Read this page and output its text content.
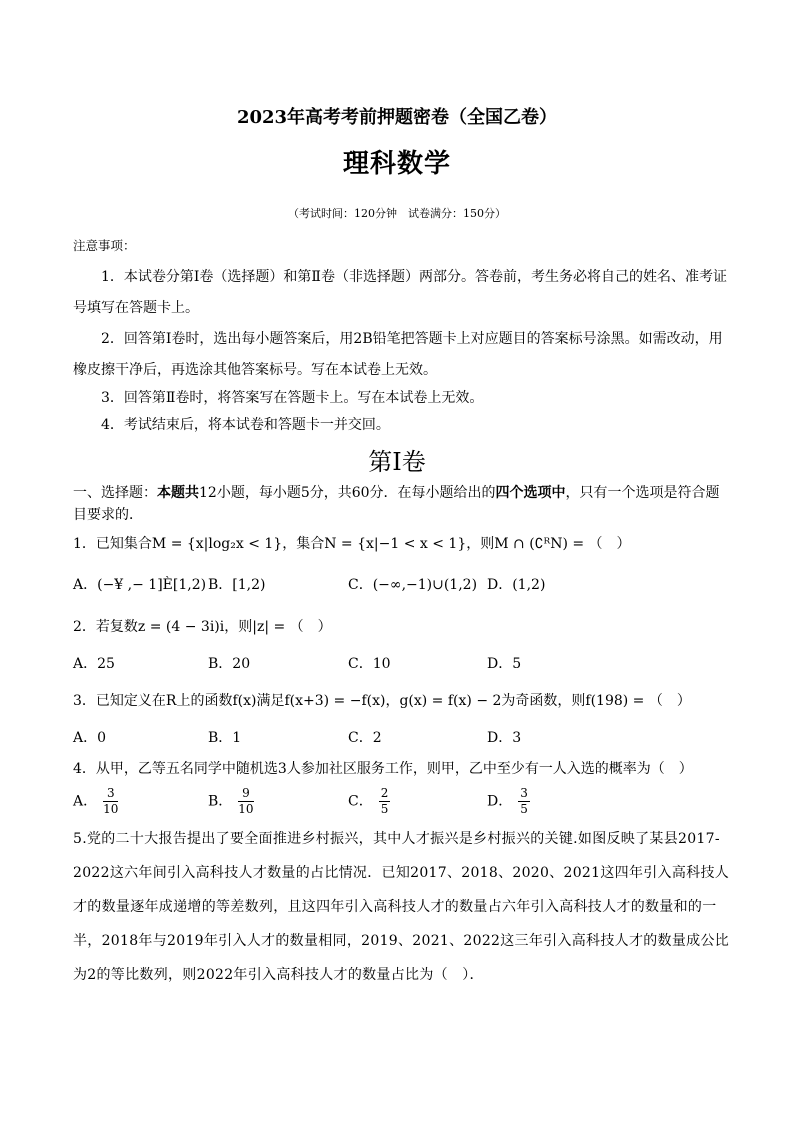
2023年高考考前押题密卷（全国乙卷）
理科数学
（考试时间：120分钟　试卷满分：150分）
注意事项：
1．本试卷分第Ⅰ卷（选择题）和第Ⅱ卷（非选择题）两部分。答卷前，考生务必将自己的姓名、准考证号填写在答题卡上。
2．回答第Ⅰ卷时，选出每小题答案后，用2B铅笔把答题卡上对应题目的答案标号涂黑。如需改动，用橡皮擦干净后，再选涂其他答案标号。写在本试卷上无效。
3．回答第Ⅱ卷时，将答案写在答题卡上。写在本试卷上无效。
4．考试结束后，将本试卷和答题卡一并交回。
第Ⅰ卷
一、选择题：本题共12小题，每小题5分，共60分．在每小题给出的四个选项中，只有一个选项是符合题目要求的．
1．已知集合M = {x|log₂x < 1}，集合N = {x|−1 < x < 1}，则M ∩ (∁ᴿN) = （　）
A．(−¥ ,− 1]È[1,2) B．[1,2)	C．(−∞,−1)∪(1,2) D．(1,2)
2．若复数z = (4 − 3i)i，则|z| = （　）
A．25	B．20	C．10	D．5
3．已知定义在R上的函数f(x)满足f(x+3) = −f(x)，g(x) = f(x) − 2为奇函数，则f(198) = （　）
A．0	B．1	C．2	D．3
4．从甲，乙等五名同学中随机选3人参加社区服务工作，则甲，乙中至少有一人入选的概率为（　）
A． $\frac{3}{10}$	B． $\frac{9}{10}$	C． $\frac{2}{5}$	D． $\frac{3}{5}$
5.党的二十大报告提出了要全面推进乡村振兴，其中人才振兴是乡村振兴的关键.如图反映了某县2017-2022这六年间引入高科技人才数量的占比情况．已知2017、2018、2020、2021这四年引入高科技人才的数量逐年成递增的等差数列，且这四年引入高科技人才的数量占六年引入高科技人才的数量和的一半，2018年与2019年引入人才的数量相同，2019、2021、2022这三年引入高科技人才的数量成公比为2的等比数列，则2022年引入高科技人才的数量占比为（　）．
